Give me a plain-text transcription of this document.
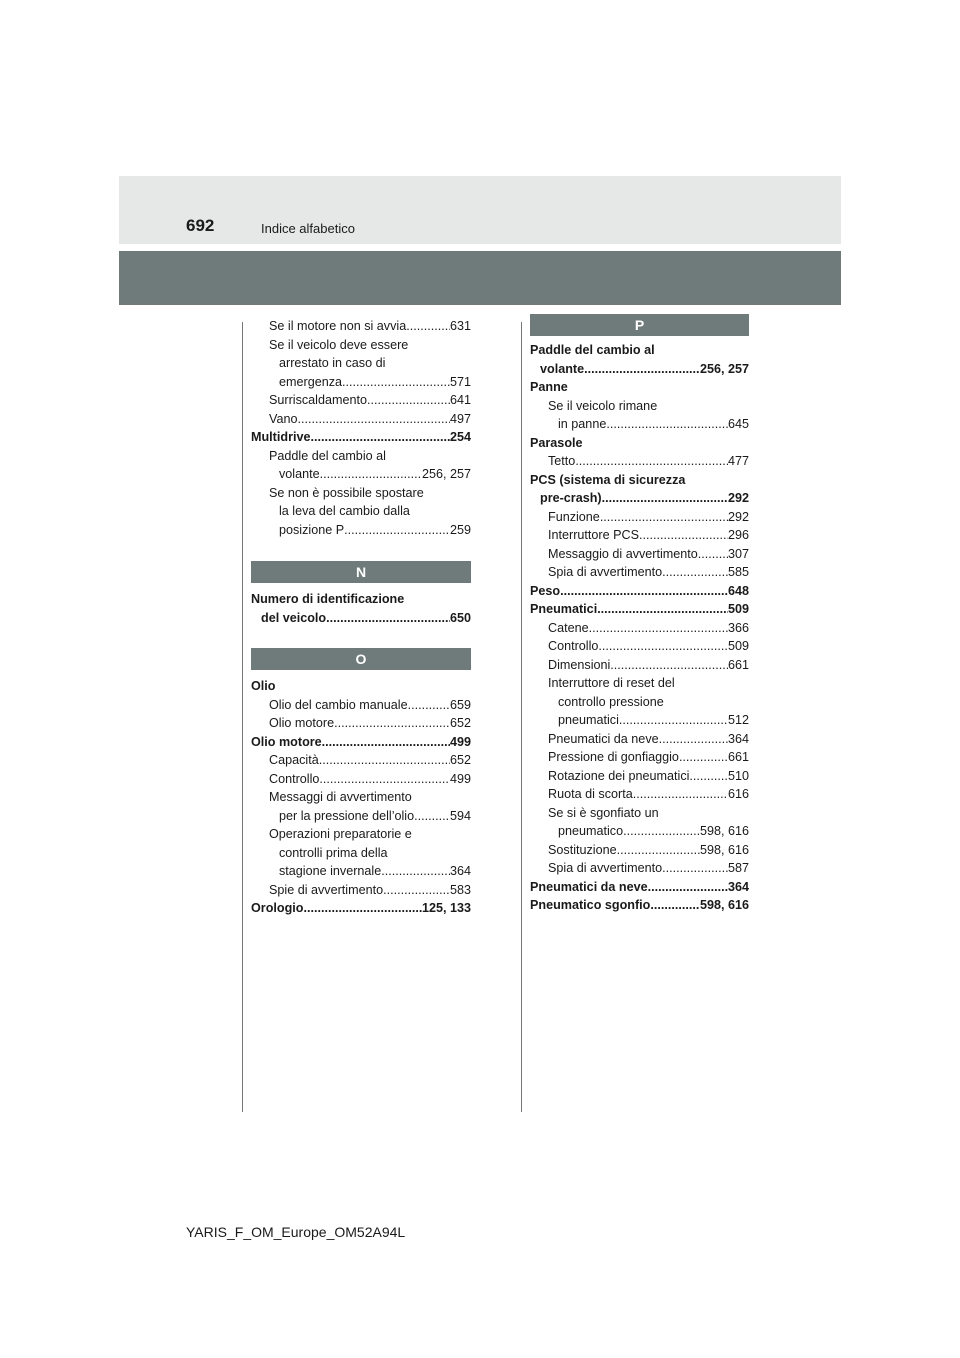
692	Indice alfabetico
Se il motore non si avvia .....	631
Se il veicolo deve essere
arrestato in caso di
emergenza .....	571
Surriscaldamento .....	641
Vano .....	497
Multidrive .....	254
Paddle del cambio al
volante .....	256, 257
Se non è possibile spostare
la leva del cambio dalla
posizione P .....	259
N
Numero di identificazione
del veicolo .....	650
O
Olio
Olio del cambio manuale .....	659
Olio motore .....	652
Olio motore .....	499
Capacità .....	652
Controllo .....	499
Messaggi di avvertimento
per la pressione dell’olio .....	594
Operazioni preparatorie e
controlli prima della
stagione invernale .....	364
Spie di avvertimento .....	583
Orologio .....	125, 133
P
Paddle del cambio al
volante .....	256, 257
Panne
Se il veicolo rimane
in panne .....	645
Parasole
Tetto .....	477
PCS (sistema di sicurezza
pre-crash) .....	292
Funzione .....	292
Interruttore PCS .....	296
Messaggio di avvertimento ..... 307
Spia di avvertimento .....	585
Peso .....	648
Pneumatici .....	509
Catene .....	366
Controllo .....	509
Dimensioni .....	661
Interruttore di reset del
controllo pressione
pneumatici .....	512
Pneumatici da neve .....	364
Pressione di gonfiaggio .....	661
Rotazione dei pneumatici .....	510
Ruota di scorta .....	616
Se si è sgonfiato un
pneumatico .....	598, 616
Sostituzione .....	598, 616
Spia di avvertimento .....	587
Pneumatici da neve .....	364
Pneumatico sgonfio .....	598, 616
YARIS_F_OM_Europe_OM52A94L
